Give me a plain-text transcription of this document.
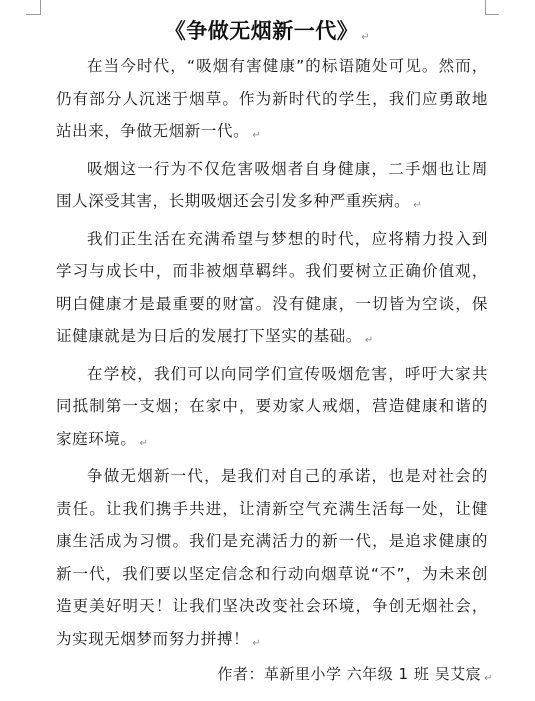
《争做无烟新一代》 ↵

在当今时代，“吸烟有害健康”的标语随处可见。然而，仍有部分人沉迷于烟草。作为新时代的学生，我们应勇敢地站出来，争做无烟新一代。 ↵

吸烟这一行为不仅危害吸烟者自身健康，二手烟也让周围人深受其害，长期吸烟还会引发多种严重疾病。 ↵

我们正生活在充满希望与梦想的时代，应将精力投入到学习与成长中，而非被烟草羁绊。我们要树立正确价值观，明白健康才是最重要的财富。没有健康，一切皆为空谈，保证健康就是为日后的发展打下坚实的基础。 ↵

在学校，我们可以向同学们宣传吸烟危害，呼吁大家共同抵制第一支烟；在家中，要劝家人戒烟，营造健康和谐的家庭环境。 ↵

争做无烟新一代，是我们对自己的承诺，也是对社会的责任。让我们携手共进，让清新空气充满生活每一处，让健康生活成为习惯。我们是充满活力的新一代，是追求健康的新一代，我们要以坚定信念和行动向烟草说“不”，为未来创造更美好明天！让我们坚决改变社会环境，争创无烟社会，为实现无烟梦而努力拼搏！ ↵

作者：革新里小学 六年级 1 班 吴艾宸 ↵
